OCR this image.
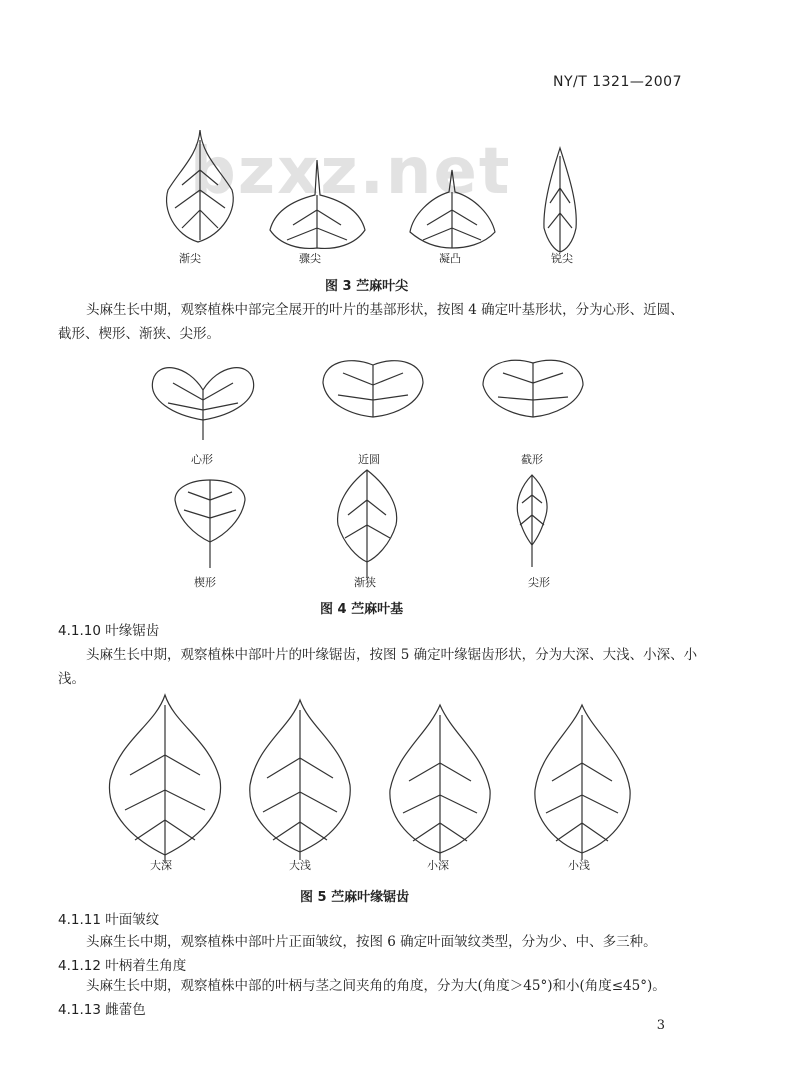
NY/T 1321—2007
bzxz.net
渐尖	骤尖	凝凸	锐尖
图 3 苎麻叶尖
头麻生长中期，观察植株中部完全展开的叶片的基部形状，按图 4 确定叶基形状，分为心形、近圆、
截形、楔形、渐狭、尖形。
心形	近圆	截形
楔形	渐狭	尖形
图 4 苎麻叶基
4.1.10 叶缘锯齿
头麻生长中期，观察植株中部叶片的叶缘锯齿，按图 5 确定叶缘锯齿形状，分为大深、大浅、小深、小
浅。
大深	大浅	小深	小浅
图 5 苎麻叶缘锯齿
4.1.11 叶面皱纹
头麻生长中期，观察植株中部叶片正面皱纹，按图 6 确定叶面皱纹类型，分为少、中、多三种。
4.1.12 叶柄着生角度
头麻生长中期，观察植株中部的叶柄与茎之间夹角的角度，分为大(角度＞45°)和小(角度≤45°)。
4.1.13 雌蕾色
3
